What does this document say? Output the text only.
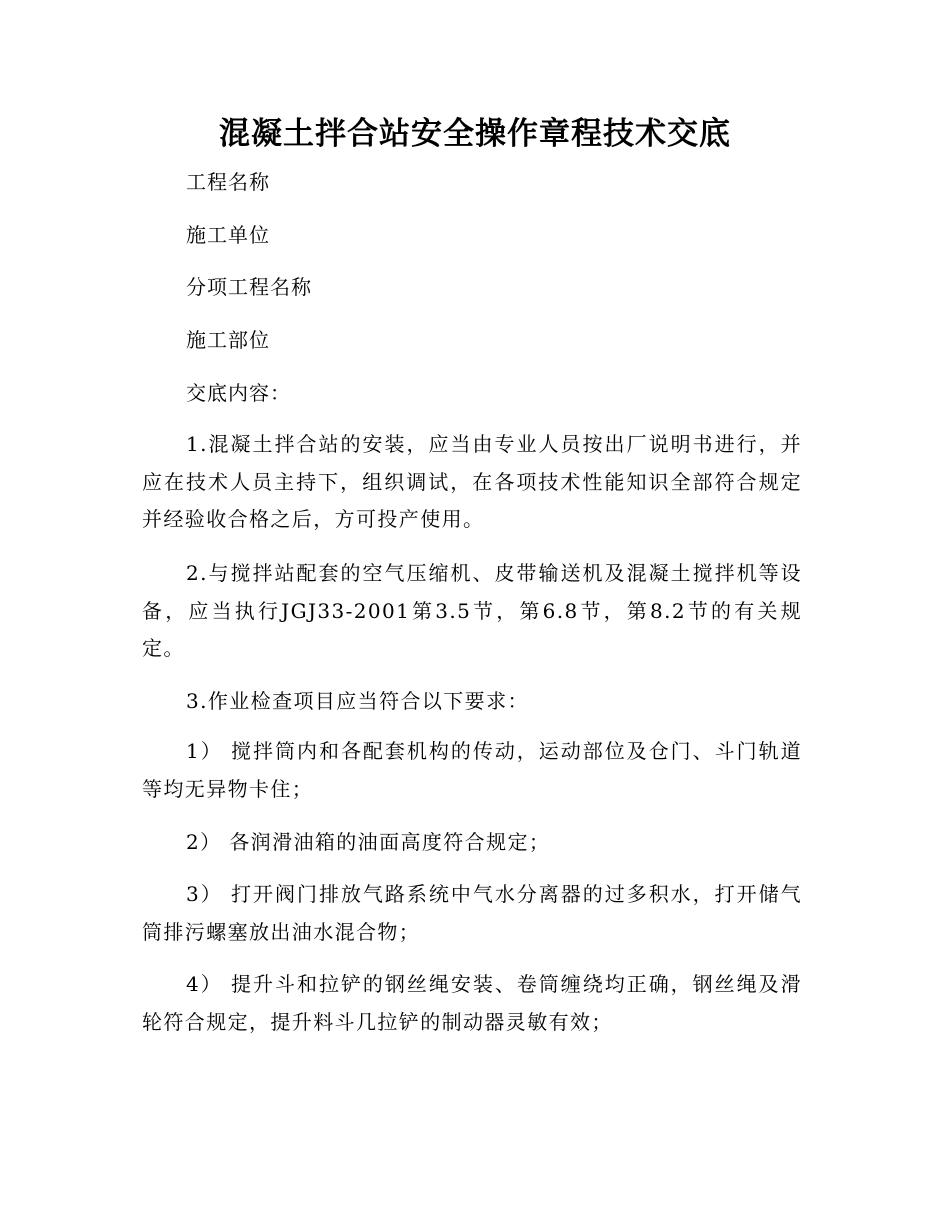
混凝土拌合站安全操作章程技术交底
工程名称
施工单位
分项工程名称
施工部位
交底内容：

1.混凝土拌合站的安装，应当由专业人员按出厂说明书进行，并应在技术人员主持下，组织调试，在各项技术性能知识全部符合规定并经验收合格之后，方可投产使用。

2.与搅拌站配套的空气压缩机、皮带输送机及混凝土搅拌机等设备，应当执行JGJ33-2001第3.5节，第6.8节，第8.2节的有关规定。

3.作业检查项目应当符合以下要求：

1） 搅拌筒内和各配套机构的传动，运动部位及仓门、斗门轨道等均无异物卡住；

2） 各润滑油箱的油面高度符合规定；

3） 打开阀门排放气路系统中气水分离器的过多积水，打开储气筒排污螺塞放出油水混合物；

4） 提升斗和拉铲的钢丝绳安装、卷筒缠绕均正确，钢丝绳及滑轮符合规定，提升料斗几拉铲的制动器灵敏有效；
